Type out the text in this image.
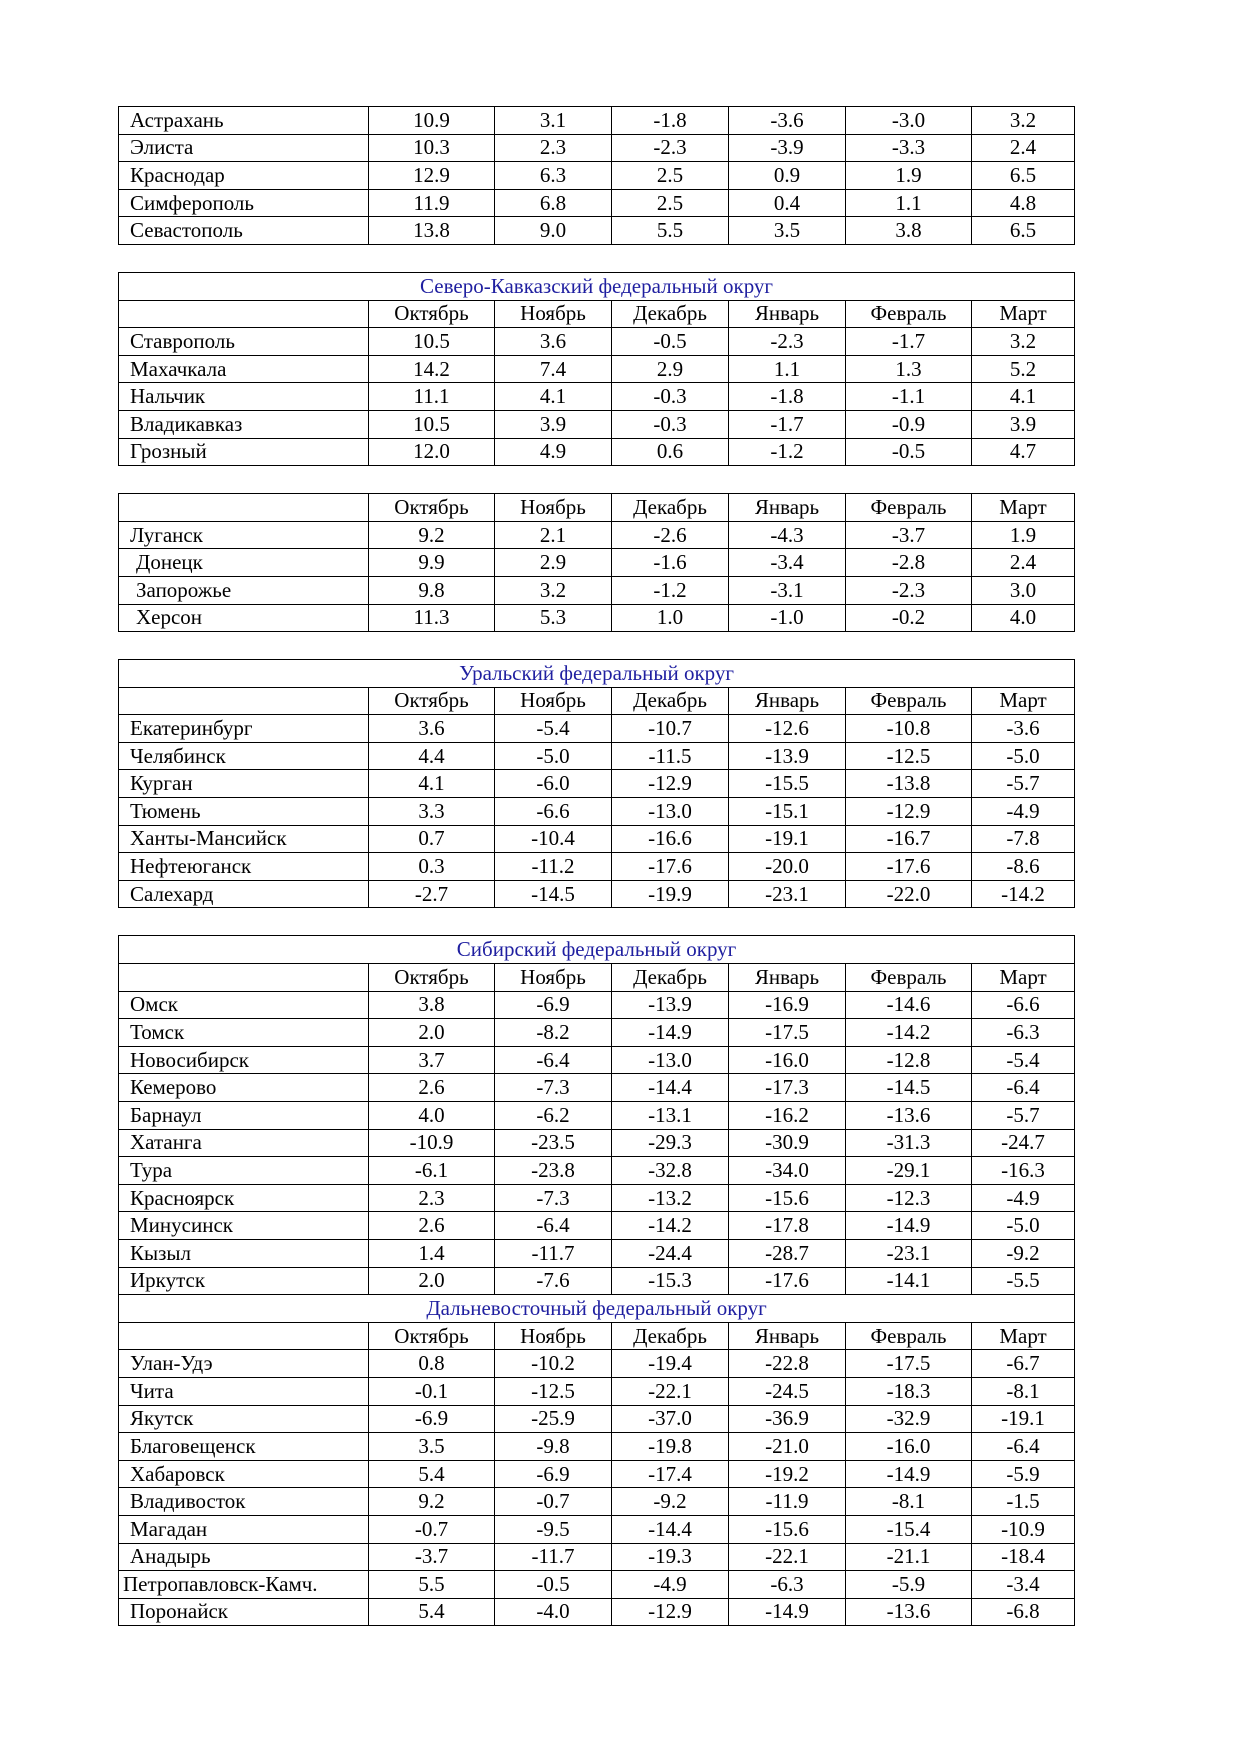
Астрахань	10.9	3.1	-1.8	-3.6	-3.0	3.2
Элиста	10.3	2.3	-2.3	-3.9	-3.3	2.4
Краснодар	12.9	6.3	2.5	0.9	1.9	6.5
Симферополь	11.9	6.8	2.5	0.4	1.1	4.8
Севастополь	13.8	9.0	5.5	3.5	3.8	6.5
Северо-Кавказский федеральный округ						
	Октябрь	Ноябрь	Декабрь	Январь	Февраль	Март
Ставрополь	10.5	3.6	-0.5	-2.3	-1.7	3.2
Махачкала	14.2	7.4	2.9	1.1	1.3	5.2
Нальчик	11.1	4.1	-0.3	-1.8	-1.1	4.1
Владикавказ	10.5	3.9	-0.3	-1.7	-0.9	3.9
Грозный	12.0	4.9	0.6	-1.2	-0.5	4.7
	Октябрь	Ноябрь	Декабрь	Январь	Февраль	Март
Луганск	9.2	2.1	-2.6	-4.3	-3.7	1.9
Донецк	9.9	2.9	-1.6	-3.4	-2.8	2.4
Запорожье	9.8	3.2	-1.2	-3.1	-2.3	3.0
Херсон	11.3	5.3	1.0	-1.0	-0.2	4.0
Уральский федеральный округ						
	Октябрь	Ноябрь	Декабрь	Январь	Февраль	Март
Екатеринбург	3.6	-5.4	-10.7	-12.6	-10.8	-3.6
Челябинск	4.4	-5.0	-11.5	-13.9	-12.5	-5.0
Курган	4.1	-6.0	-12.9	-15.5	-13.8	-5.7
Тюмень	3.3	-6.6	-13.0	-15.1	-12.9	-4.9
Ханты-Мансийск	0.7	-10.4	-16.6	-19.1	-16.7	-7.8
Нефтеюганск	0.3	-11.2	-17.6	-20.0	-17.6	-8.6
Салехард	-2.7	-14.5	-19.9	-23.1	-22.0	-14.2
Сибирский федеральный округ						
	Октябрь	Ноябрь	Декабрь	Январь	Февраль	Март
Омск	3.8	-6.9	-13.9	-16.9	-14.6	-6.6
Томск	2.0	-8.2	-14.9	-17.5	-14.2	-6.3
Новосибирск	3.7	-6.4	-13.0	-16.0	-12.8	-5.4
Кемерово	2.6	-7.3	-14.4	-17.3	-14.5	-6.4
Барнаул	4.0	-6.2	-13.1	-16.2	-13.6	-5.7
Хатанга	-10.9	-23.5	-29.3	-30.9	-31.3	-24.7
Тура	-6.1	-23.8	-32.8	-34.0	-29.1	-16.3
Красноярск	2.3	-7.3	-13.2	-15.6	-12.3	-4.9
Минусинск	2.6	-6.4	-14.2	-17.8	-14.9	-5.0
Кызыл	1.4	-11.7	-24.4	-28.7	-23.1	-9.2
Иркутск	2.0	-7.6	-15.3	-17.6	-14.1	-5.5
Дальневосточный федеральный округ						
	Октябрь	Ноябрь	Декабрь	Январь	Февраль	Март
Улан-Удэ	0.8	-10.2	-19.4	-22.8	-17.5	-6.7
Чита	-0.1	-12.5	-22.1	-24.5	-18.3	-8.1
Якутск	-6.9	-25.9	-37.0	-36.9	-32.9	-19.1
Благовещенск	3.5	-9.8	-19.8	-21.0	-16.0	-6.4
Хабаровск	5.4	-6.9	-17.4	-19.2	-14.9	-5.9
Владивосток	9.2	-0.7	-9.2	-11.9	-8.1	-1.5
Магадан	-0.7	-9.5	-14.4	-15.6	-15.4	-10.9
Анадырь	-3.7	-11.7	-19.3	-22.1	-21.1	-18.4
Петропавловск-Камч.	5.5	-0.5	-4.9	-6.3	-5.9	-3.4
Поронайск	5.4	-4.0	-12.9	-14.9	-13.6	-6.8
